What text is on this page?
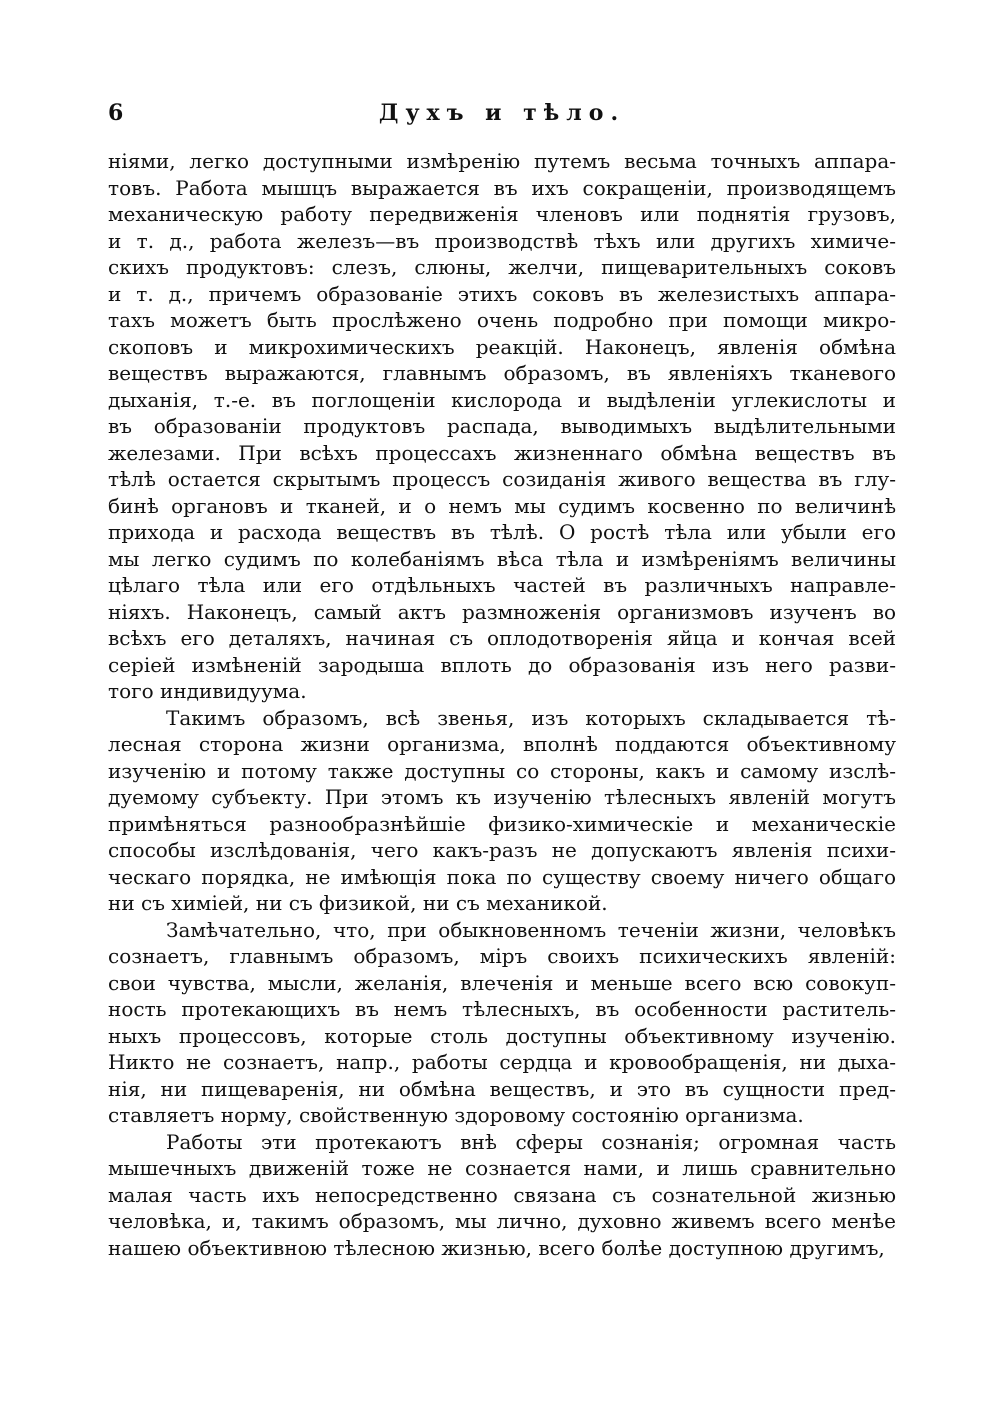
6	Духъ и тѣло.
ніями, легко доступными измѣренію путемъ весьма точныхъ аппара-
товъ. Работа мышцъ выражается въ ихъ сокращеніи, производящемъ
механическую работу передвиженія членовъ или поднятія грузовъ,
и т. д., работа железъ—въ производствѣ тѣхъ или другихъ химиче-
скихъ продуктовъ: слезъ, слюны, желчи, пищеварительныхъ соковъ
и т. д., причемъ образованіе этихъ соковъ въ железистыхъ аппара-
тахъ можетъ быть прослѣжено очень подробно при помощи микро-
скоповъ и микрохимическихъ реакцій. Наконецъ, явленія обмѣна
веществъ выражаются, главнымъ образомъ, въ явленіяхъ тканевого
дыханія, т.-е. въ поглощеніи кислорода и выдѣленіи углекислоты и
въ образованіи продуктовъ распада, выводимыхъ выдѣлительными
железами. При всѣхъ процессахъ жизненнаго обмѣна веществъ въ
тѣлѣ остается скрытымъ процессъ созиданія живого вещества въ глу-
бинѣ органовъ и тканей, и о немъ мы судимъ косвенно по величинѣ
прихода и расхода веществъ въ тѣлѣ. О ростѣ тѣла или убыли его
мы легко судимъ по колебаніямъ вѣса тѣла и измѣреніямъ величины
цѣлаго тѣла или его отдѣльныхъ частей въ различныхъ направле-
ніяхъ. Наконецъ, самый актъ размноженія организмовъ изученъ во
всѣхъ его деталяхъ, начиная съ оплодотворенія яйца и кончая всей
серіей измѣненій зародыша вплоть до образованія изъ него разви-
того индивидуума.
Такимъ образомъ, всѣ звенья, изъ которыхъ складывается тѣ-
лесная сторона жизни организма, вполнѣ поддаются объективному
изученію и потому также доступны со стороны, какъ и самому изслѣ-
дуемому субъекту. При этомъ къ изученію тѣлесныхъ явленій могутъ
примѣняться разнообразнѣйшіе физико-химическіе и механическіе
способы изслѣдованія, чего какъ-разъ не допускаютъ явленія психи-
ческаго порядка, не имѣющія пока по существу своему ничего общаго
ни съ химіей, ни съ физикой, ни съ механикой.
Замѣчательно, что, при обыкновенномъ теченіи жизни, человѣкъ
сознаетъ, главнымъ образомъ, міръ своихъ психическихъ явленій:
свои чувства, мысли, желанія, влеченія и меньше всего всю совокуп-
ность протекающихъ въ немъ тѣлесныхъ, въ особенности раститель-
ныхъ процессовъ, которые столь доступны объективному изученію.
Никто не сознаетъ, напр., работы сердца и кровообращенія, ни дыха-
нія, ни пищеваренія, ни обмѣна веществъ, и это въ сущности пред-
ставляетъ норму, свойственную здоровому состоянію организма.
Работы эти протекаютъ внѣ сферы сознанія; огромная часть
мышечныхъ движеній тоже не сознается нами, и лишь сравнительно
малая часть ихъ непосредственно связана съ сознательной жизнью
человѣка, и, такимъ образомъ, мы лично, духовно живемъ всего менѣе
нашею объективною тѣлесною жизнью, всего болѣе доступною другимъ,
